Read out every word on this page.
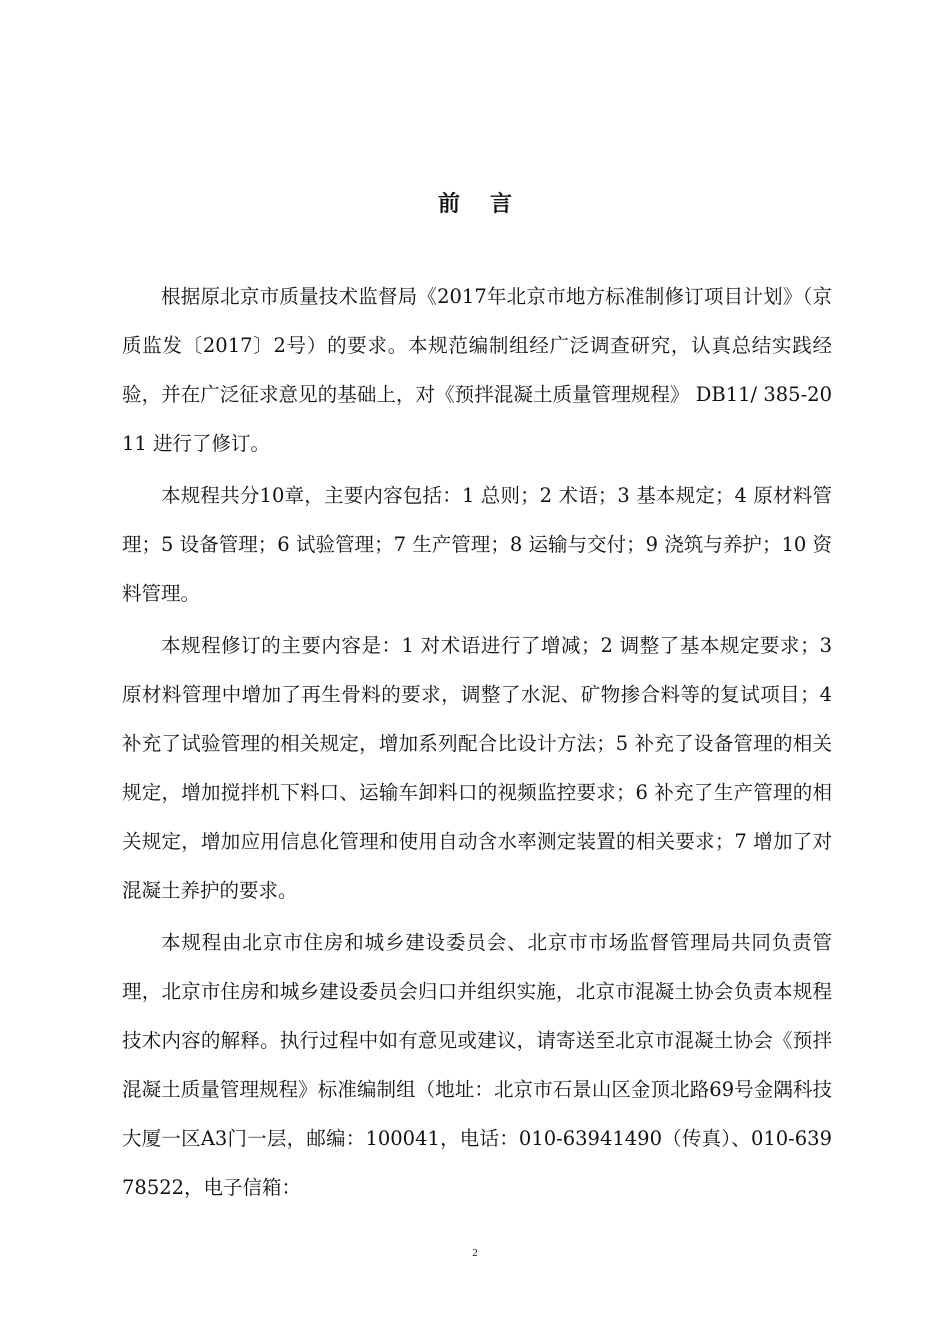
前 言

根据原北京市质量技术监督局《2017年北京市地方标准制修订项目计划》（京质监发〔2017〕2号）的要求。本规范编制组经广泛调查研究，认真总结实践经验，并在广泛征求意见的基础上，对《预拌混凝土质量管理规程》 DB11/ 385-2011 进行了修订。

本规程共分10章，主要内容包括：1 总则；2 术语；3 基本规定；4 原材料管理；5 设备管理；6 试验管理；7 生产管理；8 运输与交付；9 浇筑与养护；10 资料管理。

本规程修订的主要内容是：1 对术语进行了增减；2 调整了基本规定要求；3 原材料管理中增加了再生骨料的要求，调整了水泥、矿物掺合料等的复试项目；4 补充了试验管理的相关规定，增加系列配合比设计方法；5 补充了设备管理的相关规定，增加搅拌机下料口、运输车卸料口的视频监控要求；6 补充了生产管理的相关规定，增加应用信息化管理和使用自动含水率测定装置的相关要求；7 增加了对混凝土养护的要求。

本规程由北京市住房和城乡建设委员会、北京市市场监督管理局共同负责管理，北京市住房和城乡建设委员会归口并组织实施，北京市混凝土协会负责本规程技术内容的解释。执行过程中如有意见或建议，请寄送至北京市混凝土协会《预拌混凝土质量管理规程》标准编制组（地址：北京市石景山区金顶北路69号金隅科技大厦一区A3门一层，邮编：100041，电话：010-63941490（传真）、010-63978522，电子信箱：

2
